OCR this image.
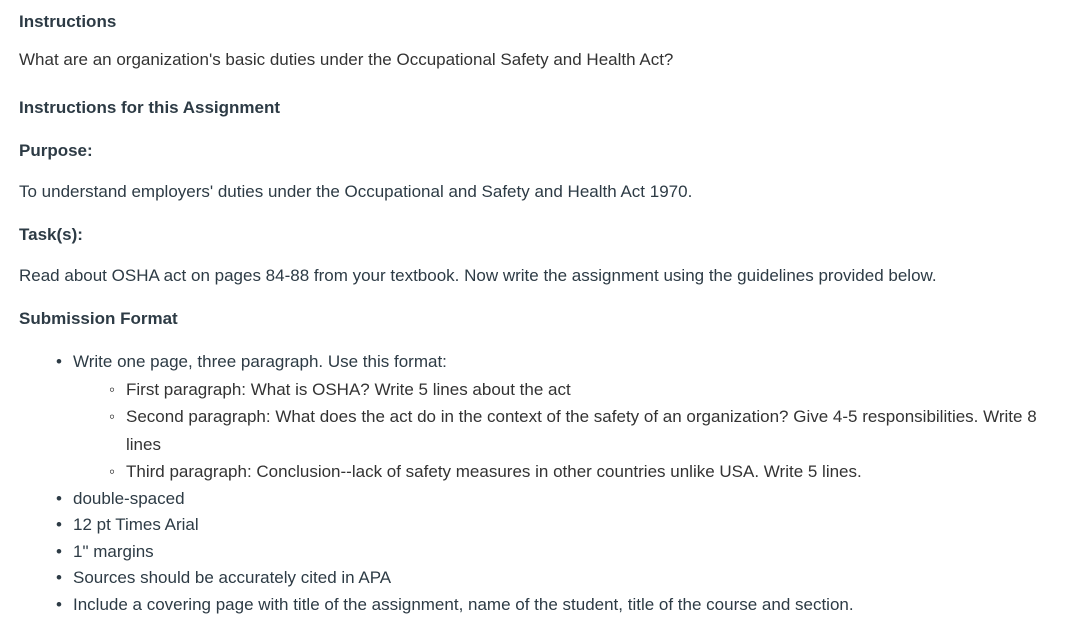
Instructions
What are an organization's basic duties under the Occupational Safety and Health Act?
Instructions for this Assignment
Purpose:
To understand employers' duties under the Occupational and Safety and Health Act 1970.
Task(s):
Read about OSHA act on pages 84-88 from your textbook. Now write the assignment using the guidelines provided below.
Submission Format
• Write one page, three paragraph. Use this format:
◦ First paragraph: What is OSHA? Write 5 lines about the act
◦ Second paragraph: What does the act do in the context of the safety of an organization? Give 4-5 responsibilities. Write 8 lines
◦ Third paragraph: Conclusion--lack of safety measures in other countries unlike USA. Write 5 lines.
• double-spaced
• 12 pt Times Arial
• 1" margins
• Sources should be accurately cited in APA
• Include a covering page with title of the assignment, name of the student, title of the course and section.
